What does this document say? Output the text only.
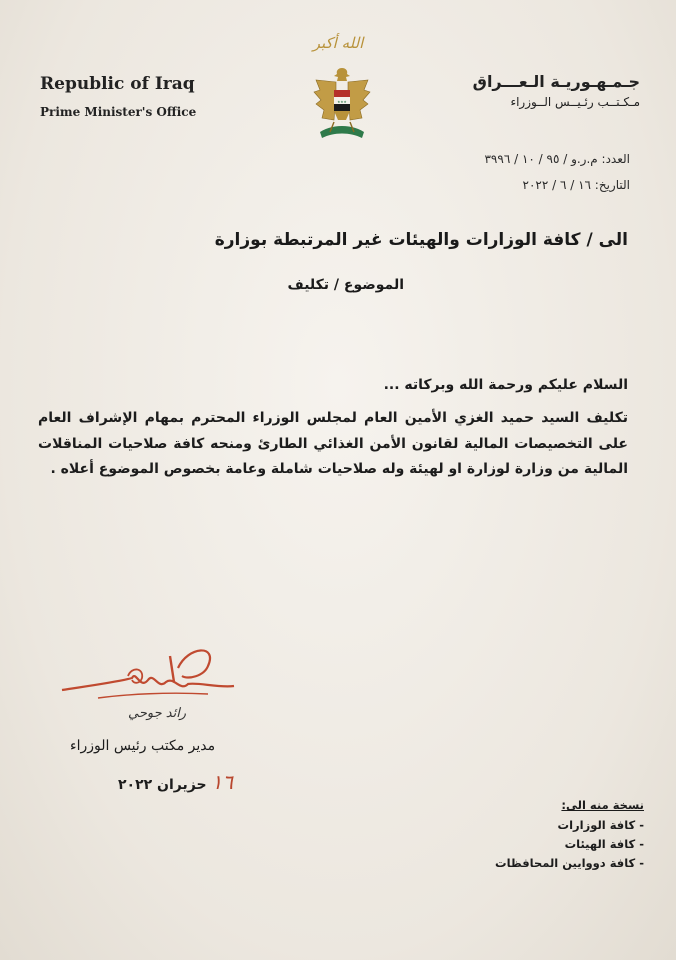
الله أكبر
Republic of Iraq
Prime Minister's Office
★★★
جـمـهـوريـة الـعـــراق
مـكـتــب رئـيــس الــوزراء
العدد: م.ر.و / ٩٥ / ١٠ / ٣٩٩٦
التاريخ: ١٦ / ٦ / ٢٠٢٢
الى / كافة الوزارات والهيئات غير المرتبطة بوزارة
الموضوع / تكليف
السلام عليكم ورحمة الله وبركاته ...
تكليف السيد حميد الغزي الأمين العام لمجلس الوزراء المحترم بمهام الإشراف العام على التخصيصات المالية لقانون الأمن الغذائي الطارئ ومنحه كافة صلاحيات المناقلات المالية من وزارة لوزارة او لهيئة وله صلاحيات شاملة وعامة بخصوص الموضوع أعلاه .
رائد جوحي
مدير مكتب رئيس الوزراء
١٦ حزيران ٢٠٢٢
نسخة منه الى:
- كافة الوزارات
- كافة الهيئات
- كافة دووايين المحافظات
